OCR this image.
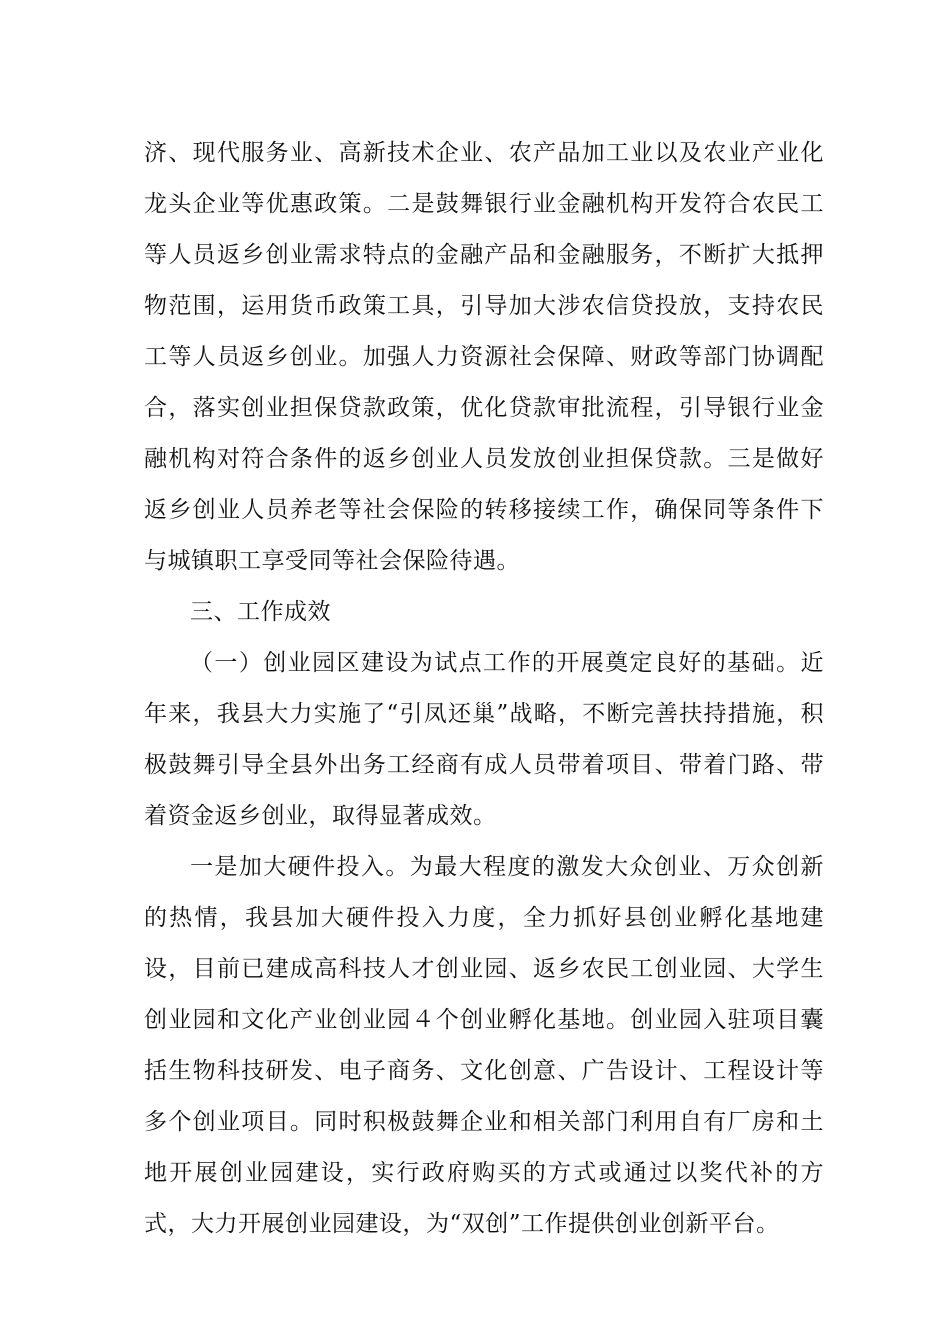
济、现代服务业、高新技术企业、农产品加工业以及农业产业化龙头企业等优惠政策。二是鼓舞银行业金融机构开发符合农民工等人员返乡创业需求特点的金融产品和金融服务，不断扩大抵押物范围，运用货币政策工具，引导加大涉农信贷投放，支持农民工等人员返乡创业。加强人力资源社会保障、财政等部门协调配合，落实创业担保贷款政策，优化贷款审批流程，引导银行业金融机构对符合条件的返乡创业人员发放创业担保贷款。三是做好返乡创业人员养老等社会保险的转移接续工作，确保同等条件下与城镇职工享受同等社会保险待遇。

三、工作成效

（一）创业园区建设为试点工作的开展奠定良好的基础。近年来，我县大力实施了“引凤还巢”战略，不断完善扶持措施，积极鼓舞引导全县外出务工经商有成人员带着项目、带着门路、带着资金返乡创业，取得显著成效。

一是加大硬件投入。为最大程度的激发大众创业、万众创新的热情，我县加大硬件投入力度，全力抓好县创业孵化基地建设，目前已建成高科技人才创业园、返乡农民工创业园、大学生创业园和文化产业创业园４个创业孵化基地。创业园入驻项目囊括生物科技研发、电子商务、文化创意、广告设计、工程设计等多个创业项目。同时积极鼓舞企业和相关部门利用自有厂房和土地开展创业园建设，实行政府购买的方式或通过以奖代补的方式，大力开展创业园建设，为“双创”工作提供创业创新平台。
